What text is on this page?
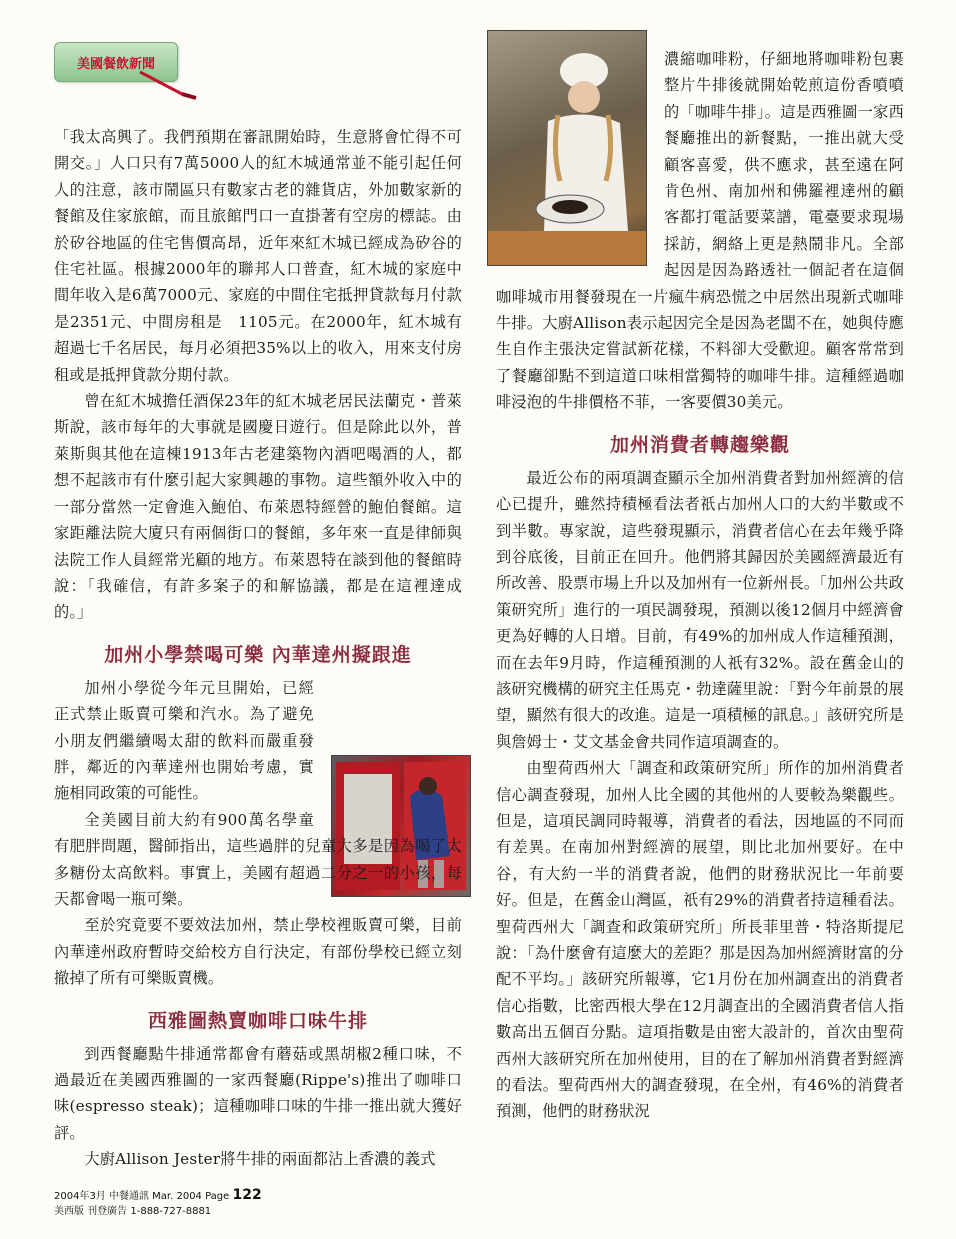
美國餐飲新聞

「我太高興了。我們預期在審訊開始時，生意將會忙得不可開交。」人口只有7萬5000人的紅木城通常並不能引起任何人的注意，該市鬧區只有數家古老的雜貨店，外加數家新的餐館及住家旅館，而且旅館門口一直掛著有空房的標誌。由於矽谷地區的住宅售價高昂，近年來紅木城已經成為矽谷的住宅社區。根據2000年的聯邦人口普查，紅木城的家庭中間年收入是6萬7000元、家庭的中間住宅抵押貸款每月付款是2351元、中間房租是　1105元。在2000年，紅木城有超過七千名居民，每月必須把35%以上的收入，用來支付房租或是抵押貸款分期付款。

曾在紅木城擔任酒保23年的紅木城老居民法蘭克・普萊斯說，該市每年的大事就是國慶日遊行。但是除此以外，普萊斯與其他在這棟1913年古老建築物內酒吧喝酒的人，都想不起該市有什麼引起大家興趣的事物。這些額外收入中的一部分當然一定會進入鮑伯、布萊恩特經營的鮑伯餐館。這家距離法院大廈只有兩個街口的餐館，多年來一直是律師與法院工作人員經常光顧的地方。布萊恩特在談到他的餐館時說：「我確信，有許多案子的和解協議，都是在這裡達成的。」

加州小學禁喝可樂 內華達州擬跟進

加州小學從今年元旦開始，已經正式禁止販賣可樂和汽水。為了避免小朋友們繼續喝太甜的飲料而嚴重發胖，鄰近的內華達州也開始考慮，實施相同政策的可能性。

全美國目前大約有900萬名學童有肥胖問題，醫師指出，這些過胖的兒童大多是因為喝了太多糖份太高飲料。事實上，美國有超過二分之一的小孩，每天都會喝一瓶可樂。

至於究竟要不要效法加州，禁止學校裡販賣可樂，目前內華達州政府暫時交給校方自行決定，有部份學校已經立刻撤掉了所有可樂販賣機。

西雅圖熱賣咖啡口味牛排

到西餐廳點牛排通常都會有蘑菇或黑胡椒2種口味，不過最近在美國西雅圖的一家西餐廳(Rippe's)推出了咖啡口味(espresso steak)；這種咖啡口味的牛排一推出就大獲好評。

大廚Allison Jester將牛排的兩面都沾上香濃的義式

濃縮咖啡粉，仔細地將咖啡粉包裹整片牛排後就開始乾煎這份香噴噴的「咖啡牛排」。這是西雅圖一家西餐廳推出的新餐點，一推出就大受顧客喜愛，供不應求，甚至遠在阿肯色州、南加州和佛羅裡達州的顧客都打電話要菜譜，電臺要求現場採訪，網絡上更是熱鬧非凡。全部起因是因為路透社一個記者在這個咖啡城市用餐發現在一片瘋牛病恐慌之中居然出現新式咖啡牛排。大廚Allison表示起因完全是因為老闆不在，她與侍應生自作主張決定嘗試新花樣，不料卻大受歡迎。顧客常常到了餐廳卻點不到這道口味相當獨特的咖啡牛排。這種經過咖啡浸泡的牛排價格不菲，一客要價30美元。

加州消費者轉趨樂觀

最近公布的兩項調查顯示全加州消費者對加州經濟的信心已提升，雖然持積極看法者祇占加州人口的大約半數或不到半數。專家說，這些發現顯示，消費者信心在去年幾乎降到谷底後，目前正在回升。他們將其歸因於美國經濟最近有所改善、股票市場上升以及加州有一位新州長。「加州公共政策研究所」進行的一項民調發現，預測以後12個月中經濟會更為好轉的人日增。目前，有49%的加州成人作這種預測，而在去年9月時，作這種預測的人祇有32%。設在舊金山的該研究機構的研究主任馬克・勃達薩里說：「對今年前景的展望，顯然有很大的改進。這是一項積極的訊息。」該研究所是與詹姆士・艾文基金會共同作這項調查的。

由聖荷西州大「調查和政策研究所」所作的加州消費者信心調查發現，加州人比全國的其他州的人要較為樂觀些。但是，這項民調同時報導，消費者的看法，因地區的不同而有差異。在南加州對經濟的展望，則比北加州要好。在中谷，有大約一半的消費者說，他們的財務狀況比一年前要好。但是，在舊金山灣區，祇有29%的消費者持這種看法。聖荷西州大「調查和政策研究所」所長菲里普・特洛斯提尼說：「為什麼會有這麼大的差距？那是因為加州經濟財富的分配不平均。」該研究所報導，它1月份在加州調查出的消費者信心指數，比密西根大學在12月調查出的全國消費者信人指數高出五個百分點。這項指數是由密大設計的，首次由聖荷西州大該研究所在加州使用，目的在了解加州消費者對經濟的看法。聖荷西州大的調查發現，在全州，有46%的消費者預測，他們的財務狀況

2004年3月 中餐通訊 Mar. 2004 Page 122
美西版 刊登廣告 1-888-727-8881
